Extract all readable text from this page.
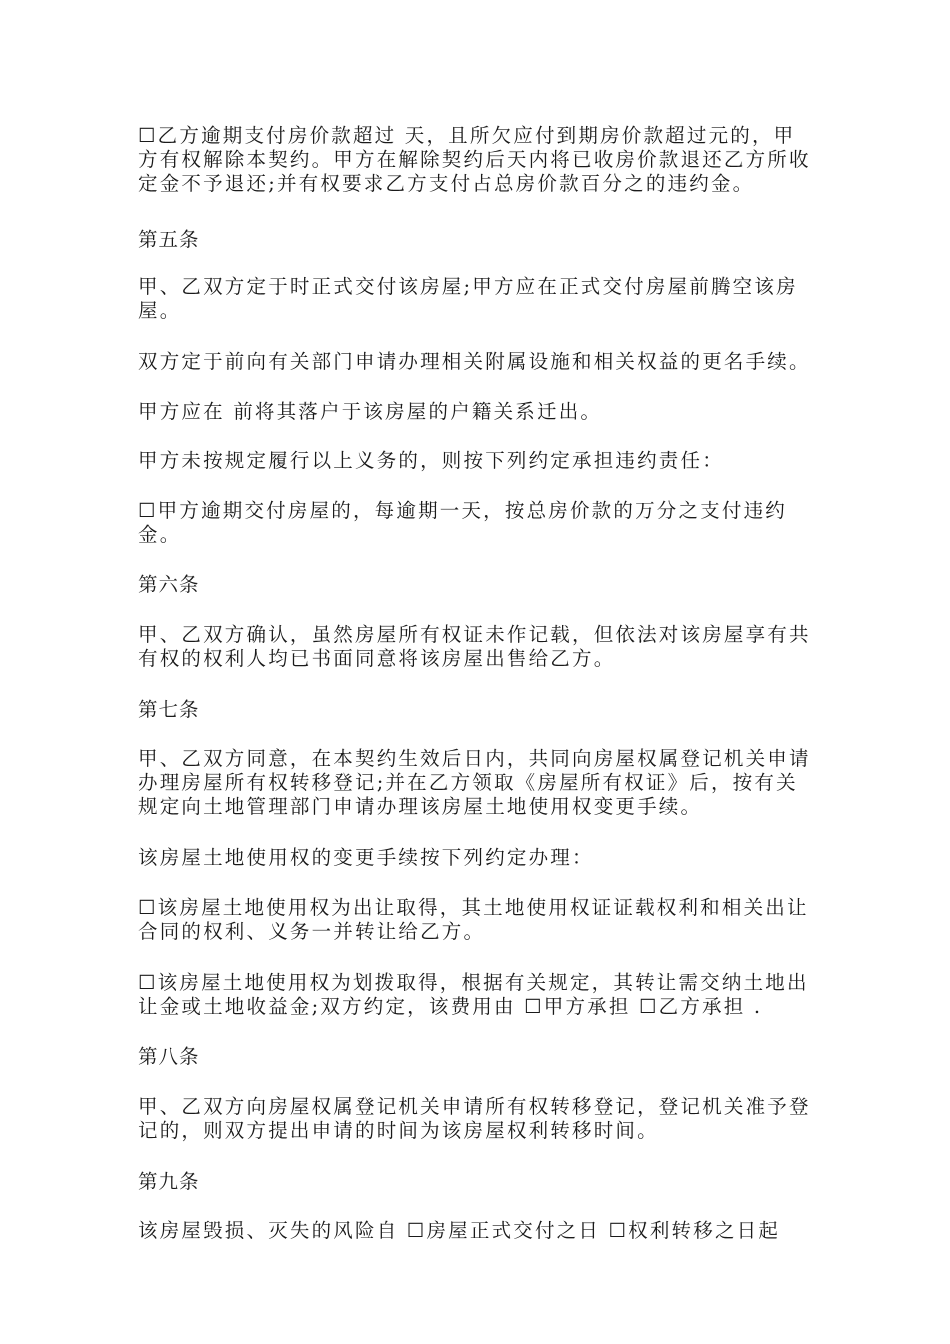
☐乙方逾期支付房价款超过 天，且所欠应付到期房价款超过元的，甲方有权解除本契约。甲方在解除契约后天内将已收房价款退还乙方所收定金不予退还;并有权要求乙方支付占总房价款百分之的违约金。

第五条

甲、乙双方定于时正式交付该房屋;甲方应在正式交付房屋前腾空该房屋。

双方定于前向有关部门申请办理相关附属设施和相关权益的更名手续。

甲方应在 前将其落户于该房屋的户籍关系迁出。

甲方未按规定履行以上义务的，则按下列约定承担违约责任：

☐甲方逾期交付房屋的，每逾期一天，按总房价款的万分之支付违约金。

第六条

甲、乙双方确认，虽然房屋所有权证未作记载，但依法对该房屋享有共有权的权利人均已书面同意将该房屋出售给乙方。

第七条

甲、乙双方同意，在本契约生效后日内，共同向房屋权属登记机关申请办理房屋所有权转移登记;并在乙方领取《房屋所有权证》后，按有关规定向土地管理部门申请办理该房屋土地使用权变更手续。

该房屋土地使用权的变更手续按下列约定办理：

☐该房屋土地使用权为出让取得，其土地使用权证证载权利和相关出让合同的权利、义务一并转让给乙方。

☐该房屋土地使用权为划拨取得，根据有关规定，其转让需交纳土地出让金或土地收益金;双方约定，该费用由 ☐甲方承担 ☐乙方承担 .

第八条

甲、乙双方向房屋权属登记机关申请所有权转移登记，登记机关准予登记的，则双方提出申请的时间为该房屋权利转移时间。

第九条

该房屋毁损、灭失的风险自 ☐房屋正式交付之日 ☐权利转移之日起
